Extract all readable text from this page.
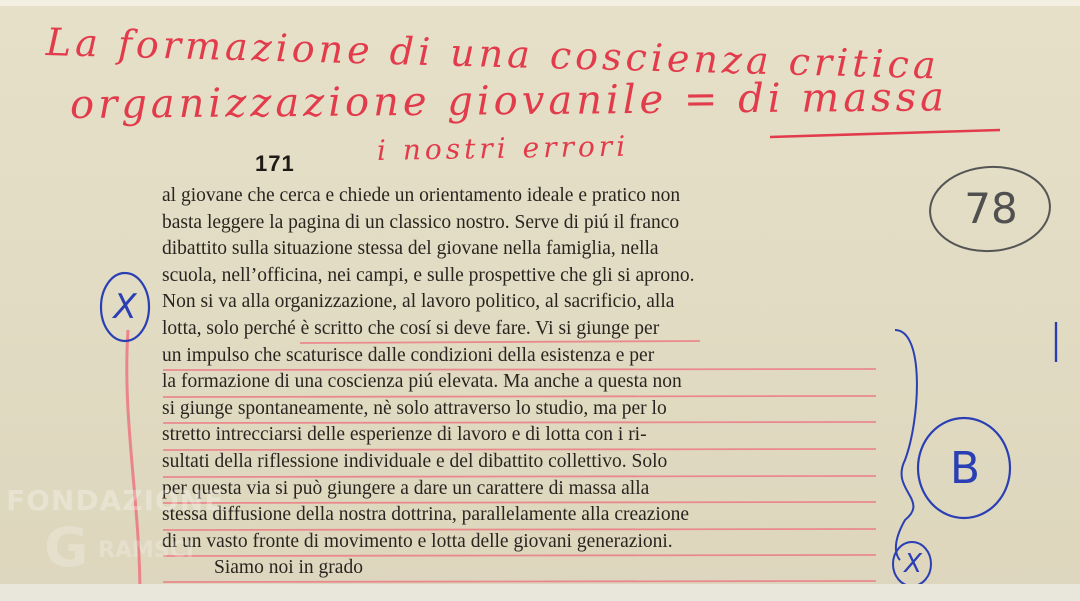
La formazione di una coscienza critica
organizzazione giovanile = di massa
i nostri errori
171
al giovane che cerca e chiede un orientamento ideale e pratico non
basta leggere la pagina di un classico nostro. Serve di piú il franco
dibattito sulla situazione stessa del giovane nella famiglia, nella
scuola, nell’officina, nei campi, e sulle prospettive che gli si aprono.
Non si va alla organizzazione, al lavoro politico, al sacrificio, alla
lotta, solo perché è scritto che cosí si deve fare. Vi si giunge per
un impulso che scaturisce dalle condizioni della esistenza e per
la formazione di una coscienza piú elevata. Ma anche a questa non
si giunge spontaneamente, nè solo attraverso lo studio, ma per lo
stretto intrecciarsi delle esperienze di lavoro e di lotta con i ri-
sultati della riflessione individuale e del dibattito collettivo. Solo
per questa via si può giungere a dare un carattere di massa alla
stessa diffusione della nostra dottrina, parallelamente alla creazione
di un vasto fronte di movimento e lotta delle giovani generazioni.
Siamo noi in grado
78
X
B
X
FONDAZIONE
G RAMSCI
